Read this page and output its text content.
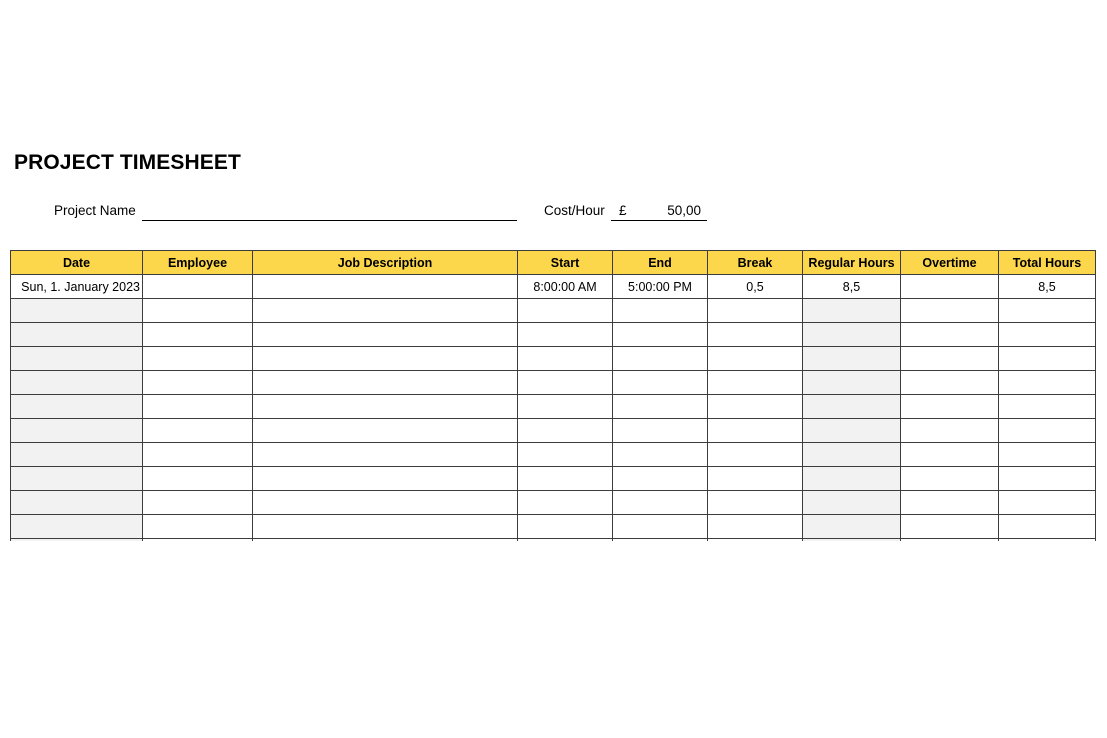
PROJECT TIMESHEET
Project Name	Cost/Hour £	50,00
Date	Employee	Job Description	Start	End	Break	Regular Hours	Overtime	Total Hours
Sun, 1. January 2023			8:00:00 AM	5:00:00 PM	0,5	8,5		8,5
